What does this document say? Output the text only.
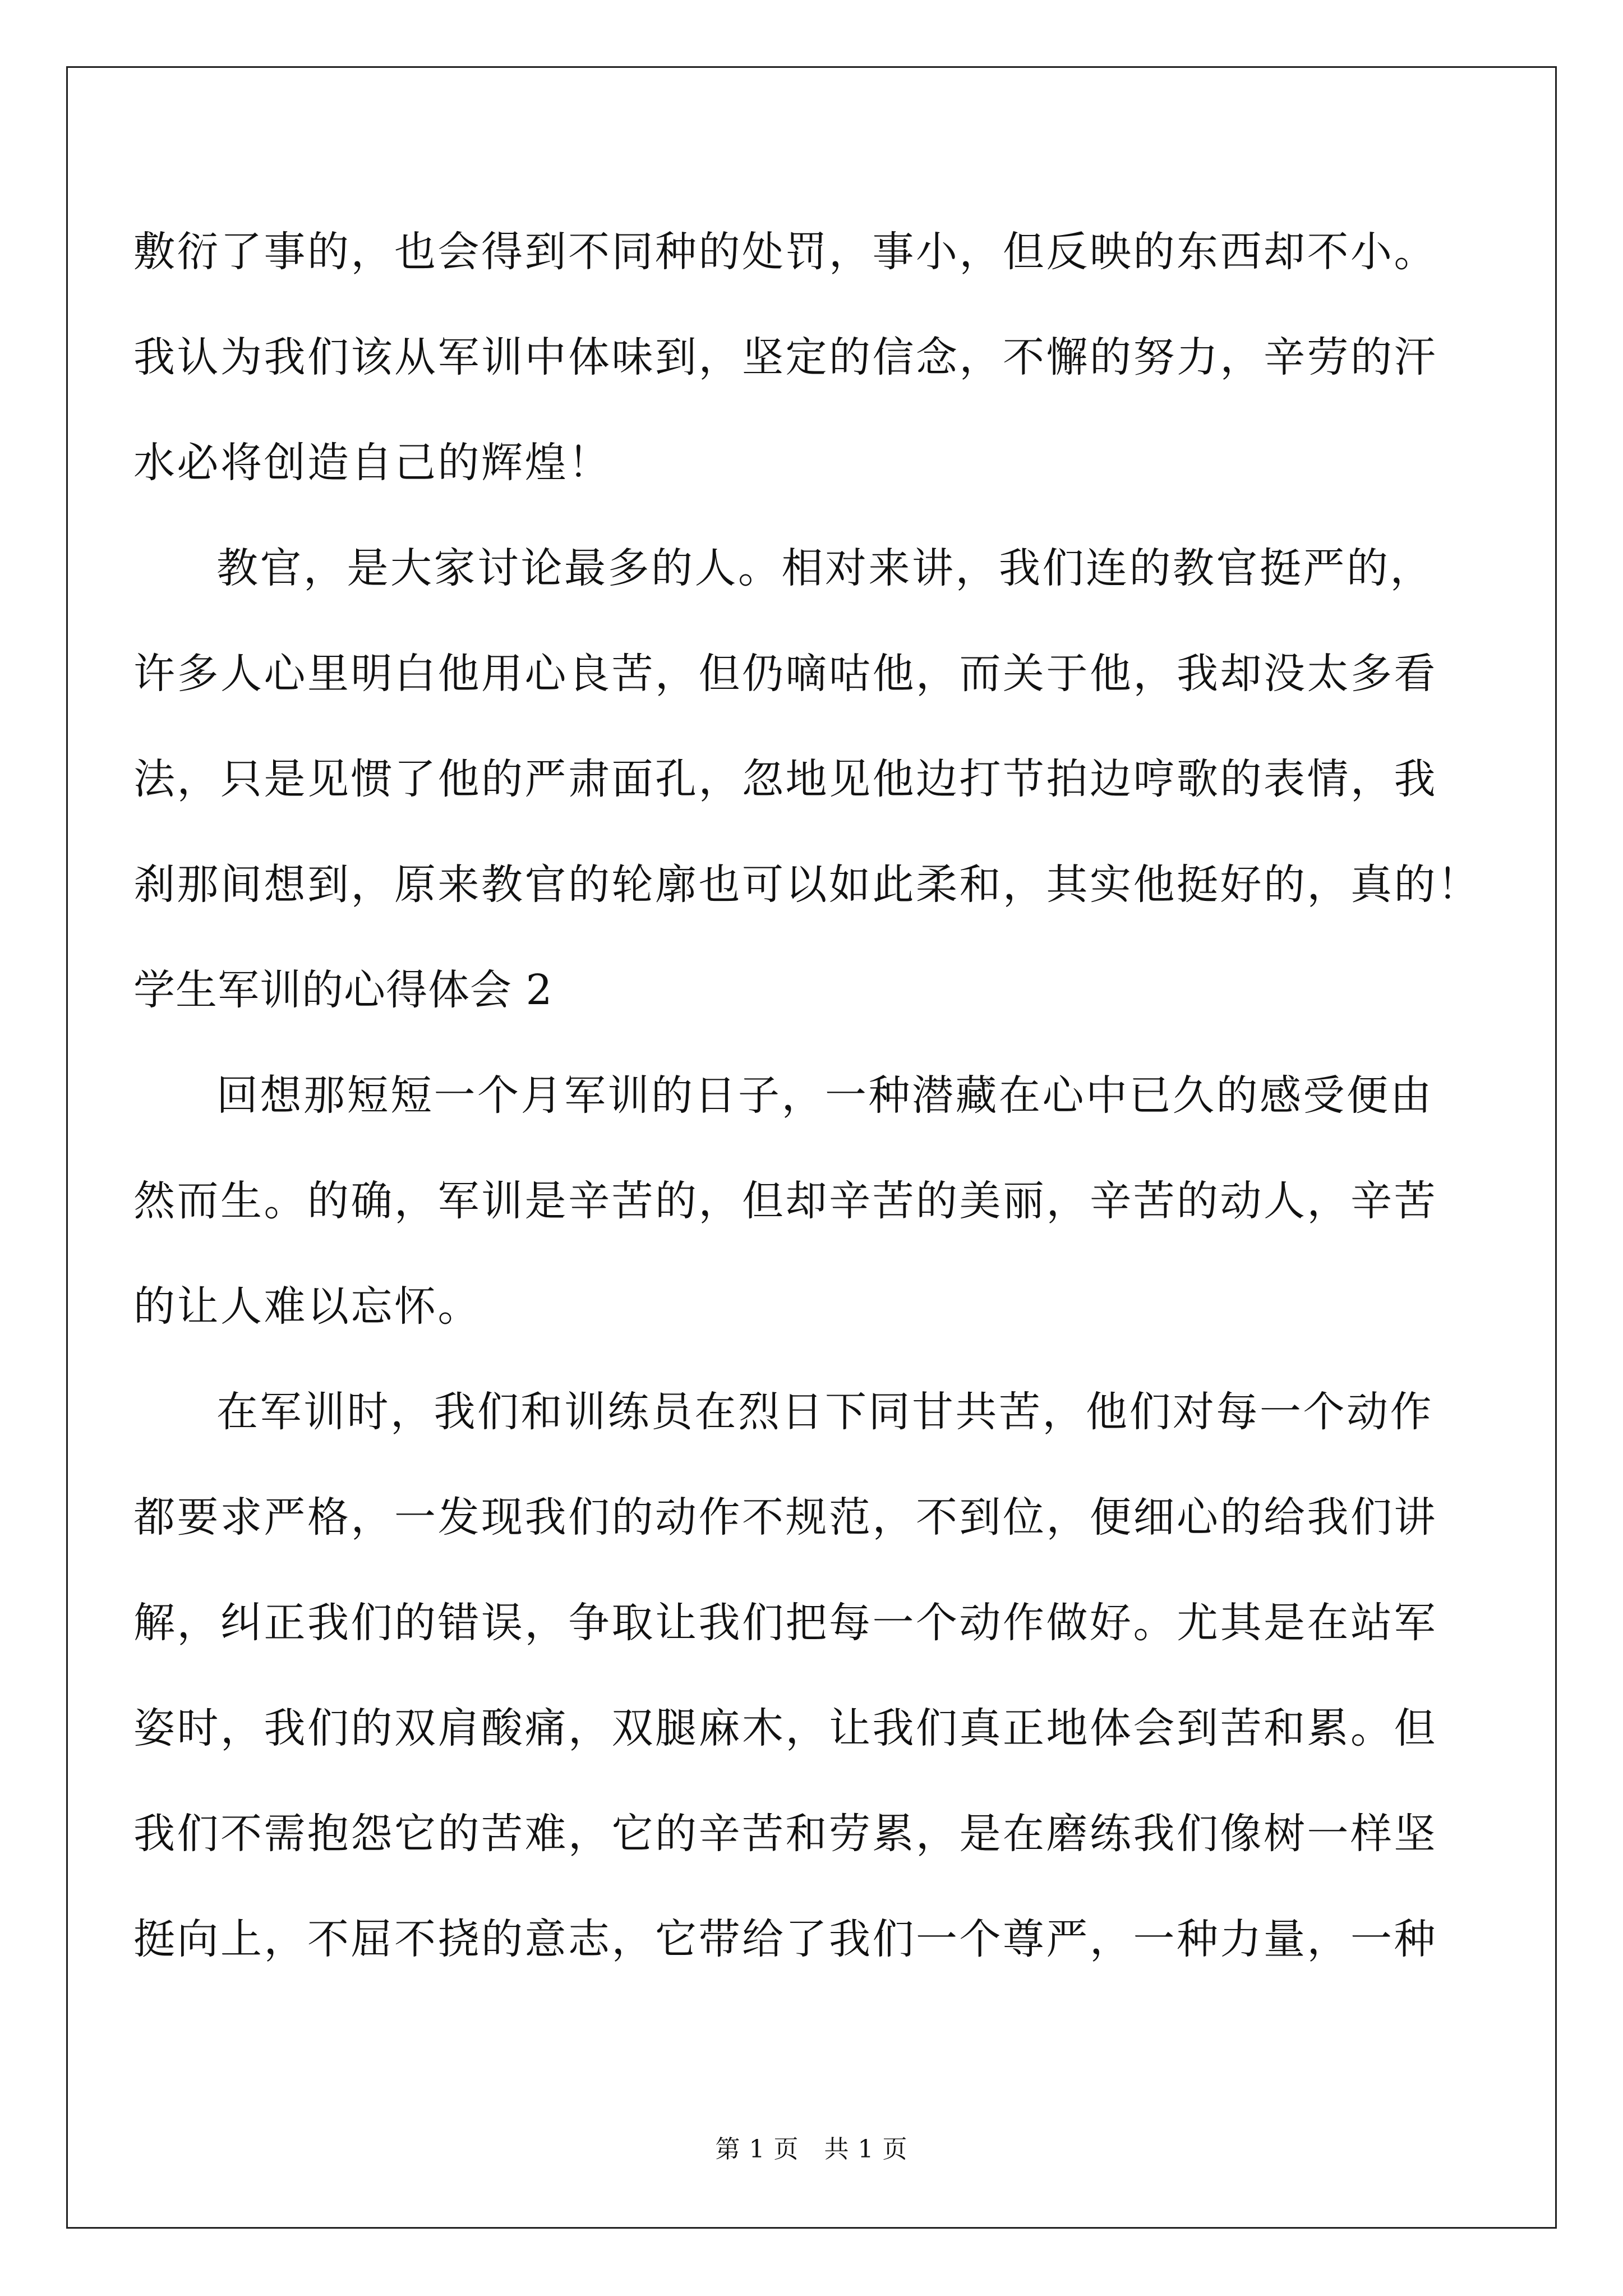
敷衍了事的，也会得到不同种的处罚，事小，但反映的东西却不小。
我认为我们该从军训中体味到，坚定的信念，不懈的努力，辛劳的汗
水必将创造自己的辉煌！
教官，是大家讨论最多的人。相对来讲，我们连的教官挺严的，
许多人心里明白他用心良苦，但仍嘀咕他，而关于他，我却没太多看
法，只是见惯了他的严肃面孔，忽地见他边打节拍边哼歌的表情，我
刹那间想到，原来教官的轮廓也可以如此柔和，其实他挺好的，真的！
学生军训的心得体会 2
回想那短短一个月军训的日子，一种潜藏在心中已久的感受便由
然而生。的确，军训是辛苦的，但却辛苦的美丽，辛苦的动人，辛苦
的让人难以忘怀。
在军训时，我们和训练员在烈日下同甘共苦，他们对每一个动作
都要求严格，一发现我们的动作不规范，不到位，便细心的给我们讲
解，纠正我们的错误，争取让我们把每一个动作做好。尤其是在站军
姿时，我们的双肩酸痛，双腿麻木，让我们真正地体会到苦和累。但
我们不需抱怨它的苦难，它的辛苦和劳累，是在磨练我们像树一样坚
挺向上，不屈不挠的意志，它带给了我们一个尊严，一种力量，一种
第 1 页　共 1 页
